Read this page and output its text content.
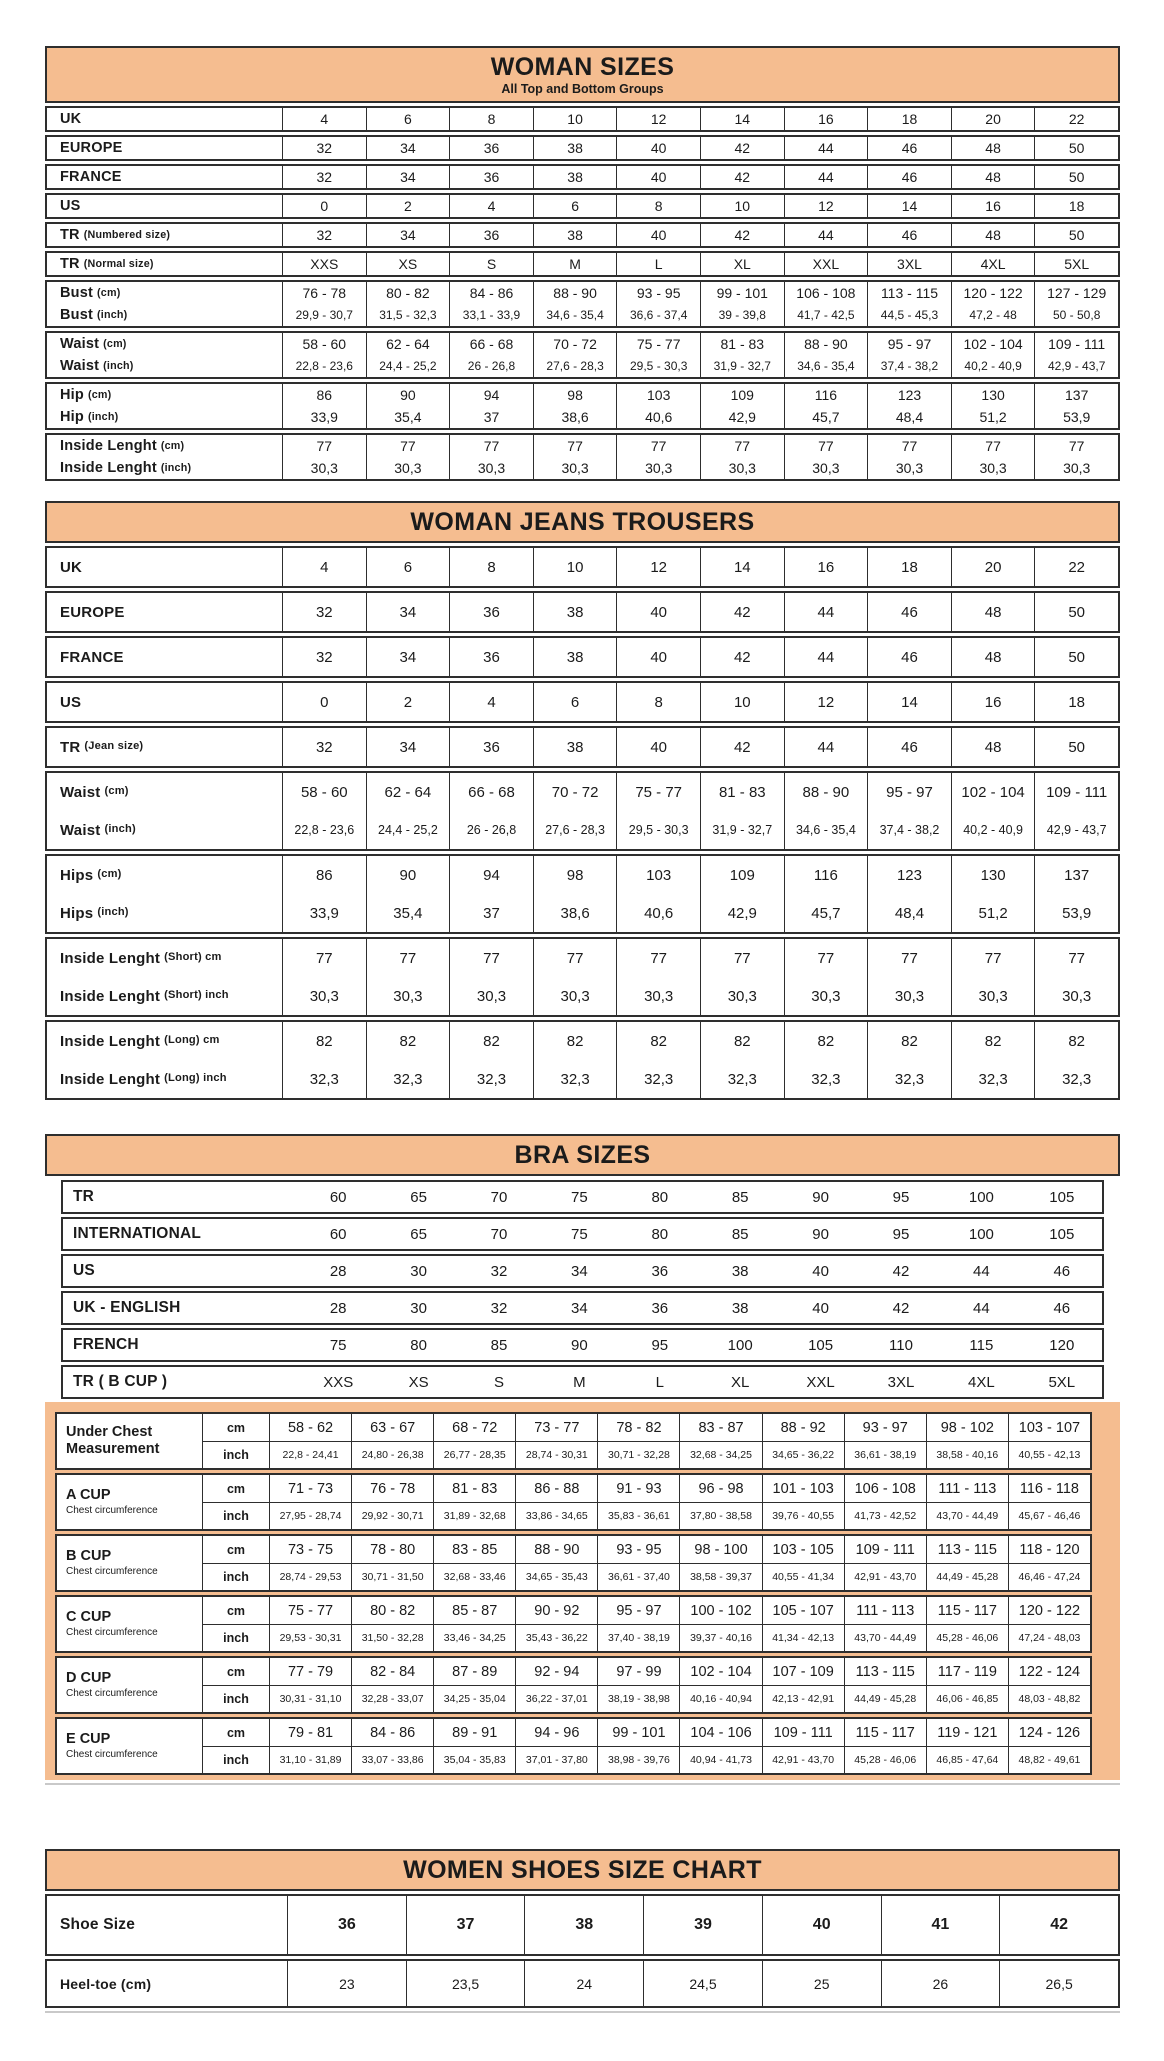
WOMAN SIZES
All Top and Bottom Groups
UK	4	6	8	10	12	14	16	18	20	22
EUROPE	32	34	36	38	40	42	44	46	48	50
FRANCE	32	34	36	38	40	42	44	46	48	50
US	0	2	4	6	8	10	12	14	16	18
TR (Numbered size)	32	34	36	38	40	42	44	46	48	50
TR (Normal size)	XXS	XS	S	M	L	XL	XXL	3XL	4XL	5XL
Bust (cm)	76 - 78	80 - 82	84 - 86	88 - 90	93 - 95	99 - 101	106 - 108	113 - 115	120 - 122	127 - 129
Bust (inch)	29,9 - 30,7	31,5 - 32,3	33,1 - 33,9	34,6 - 35,4	36,6 - 37,4	39 - 39,8	41,7 - 42,5	44,5 - 45,3	47,2 - 48	50 - 50,8
Waist (cm)	58 - 60	62 - 64	66 - 68	70 - 72	75 - 77	81 - 83	88 - 90	95 - 97	102 - 104	109 - 111
Waist (inch)	22,8 - 23,6	24,4 - 25,2	26 - 26,8	27,6 - 28,3	29,5 - 30,3	31,9 - 32,7	34,6 - 35,4	37,4 - 38,2	40,2 - 40,9	42,9 - 43,7
Hip (cm)	86	90	94	98	103	109	116	123	130	137
Hip (inch)	33,9	35,4	37	38,6	40,6	42,9	45,7	48,4	51,2	53,9
Inside Lenght (cm)	77	77	77	77	77	77	77	77	77	77
Inside Lenght (inch)	30,3	30,3	30,3	30,3	30,3	30,3	30,3	30,3	30,3	30,3
WOMAN JEANS TROUSERS
UK	4	6	8	10	12	14	16	18	20	22
EUROPE	32	34	36	38	40	42	44	46	48	50
FRANCE	32	34	36	38	40	42	44	46	48	50
US	0	2	4	6	8	10	12	14	16	18
TR (Jean size)	32	34	36	38	40	42	44	46	48	50
Waist (cm)	58 - 60	62 - 64	66 - 68	70 - 72	75 - 77	81 - 83	88 - 90	95 - 97	102 - 104	109 - 111
Waist (inch)	22,8 - 23,6	24,4 - 25,2	26 - 26,8	27,6 - 28,3	29,5 - 30,3	31,9 - 32,7	34,6 - 35,4	37,4 - 38,2	40,2 - 40,9	42,9 - 43,7
Hips (cm)	86	90	94	98	103	109	116	123	130	137
Hips (inch)	33,9	35,4	37	38,6	40,6	42,9	45,7	48,4	51,2	53,9
Inside Lenght (Short) cm	77	77	77	77	77	77	77	77	77	77
Inside Lenght (Short) inch	30,3	30,3	30,3	30,3	30,3	30,3	30,3	30,3	30,3	30,3
Inside Lenght (Long) cm	82	82	82	82	82	82	82	82	82	82
Inside Lenght (Long) inch	32,3	32,3	32,3	32,3	32,3	32,3	32,3	32,3	32,3	32,3
BRA SIZES
TR	60	65	70	75	80	85	90	95	100	105
INTERNATIONAL	60	65	70	75	80	85	90	95	100	105
US	28	30	32	34	36	38	40	42	44	46
UK - ENGLISH	28	30	32	34	36	38	40	42	44	46
FRENCH	75	80	85	90	95	100	105	110	115	120
TR ( B CUP )	XXS	XS	S	M	L	XL	XXL	3XL	4XL	5XL
Under Chest
Measurement
cm	58 - 62	63 - 67	68 - 72	73 - 77	78 - 82	83 - 87	88 - 92	93 - 97	98 - 102	103 - 107
inch	22,8 - 24,41	24,80 - 26,38	26,77 - 28,35	28,74 - 30,31	30,71 - 32,28	32,68 - 34,25	34,65 - 36,22	36,61 - 38,19	38,58 - 40,16	40,55 - 42,13
A CUP
Chest circumference
cm	71 - 73	76 - 78	81 - 83	86 - 88	91 - 93	96 - 98	101 - 103	106 - 108	111 - 113	116 - 118
inch	27,95 - 28,74	29,92 - 30,71	31,89 - 32,68	33,86 - 34,65	35,83 - 36,61	37,80 - 38,58	39,76 - 40,55	41,73 - 42,52	43,70 - 44,49	45,67 - 46,46
B CUP
Chest circumference
cm	73 - 75	78 - 80	83 - 85	88 - 90	93 - 95	98 - 100	103 - 105	109 - 111	113 - 115	118 - 120
inch	28,74 - 29,53	30,71 - 31,50	32,68 - 33,46	34,65 - 35,43	36,61 - 37,40	38,58 - 39,37	40,55 - 41,34	42,91 - 43,70	44,49 - 45,28	46,46 - 47,24
C CUP
Chest circumference
cm	75 - 77	80 - 82	85 - 87	90 - 92	95 - 97	100 - 102	105 - 107	111 - 113	115 - 117	120 - 122
inch	29,53 - 30,31	31,50 - 32,28	33,46 - 34,25	35,43 - 36,22	37,40 - 38,19	39,37 - 40,16	41,34 - 42,13	43,70 - 44,49	45,28 - 46,06	47,24 - 48,03
D CUP
Chest circumference
cm	77 - 79	82 - 84	87 - 89	92 - 94	97 - 99	102 - 104	107 - 109	113 - 115	117 - 119	122 - 124
inch	30,31 - 31,10	32,28 - 33,07	34,25 - 35,04	36,22 - 37,01	38,19 - 38,98	40,16 - 40,94	42,13 - 42,91	44,49 - 45,28	46,06 - 46,85	48,03 - 48,82
E CUP
Chest circumference
cm	79 - 81	84 - 86	89 - 91	94 - 96	99 - 101	104 - 106	109 - 111	115 - 117	119 - 121	124 - 126
inch	31,10 - 31,89	33,07 - 33,86	35,04 - 35,83	37,01 - 37,80	38,98 - 39,76	40,94 - 41,73	42,91 - 43,70	45,28 - 46,06	46,85 - 47,64	48,82 - 49,61
WOMEN SHOES SIZE CHART
Shoe Size	36	37	38	39	40	41	42
Heel-toe (cm)	23	23,5	24	24,5	25	26	26,5
